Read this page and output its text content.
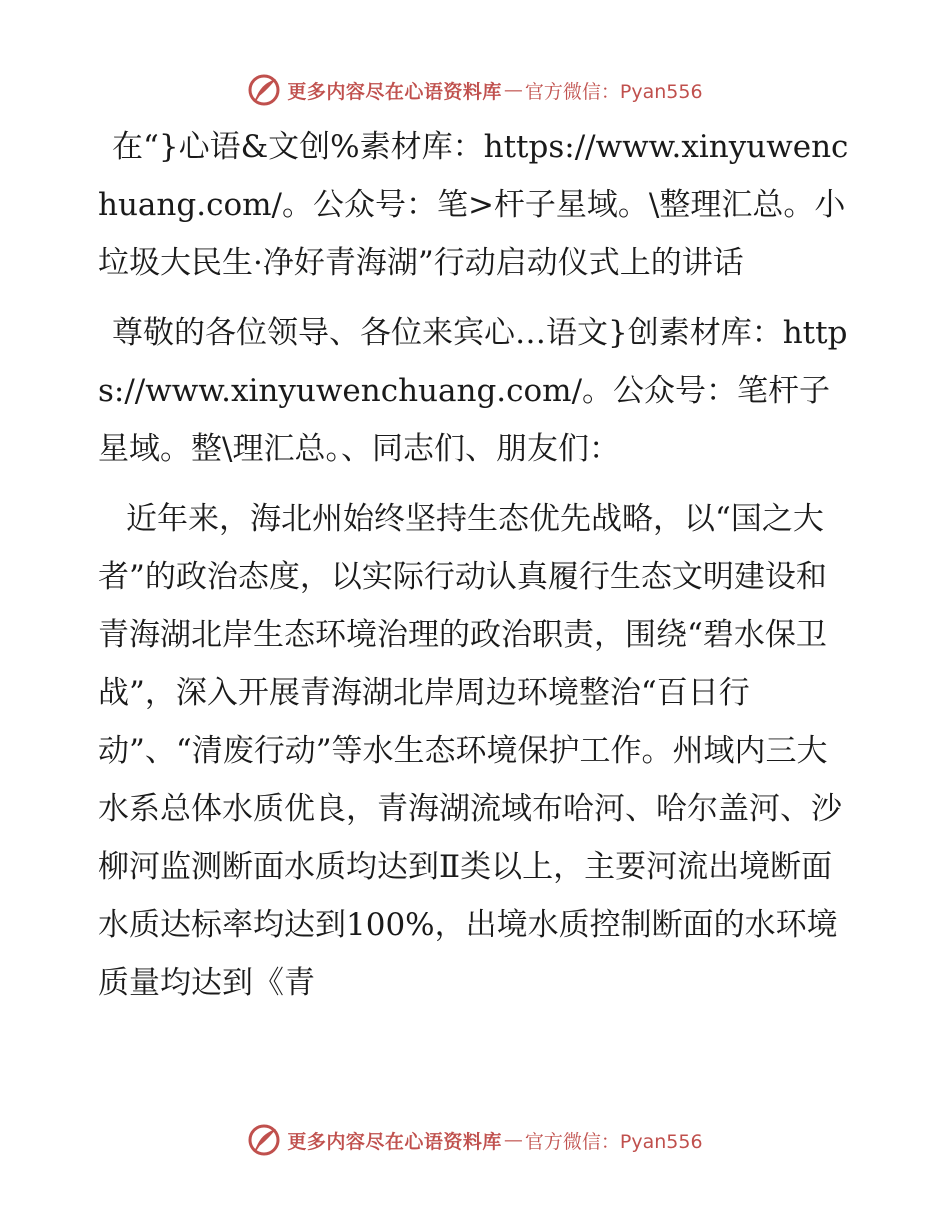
更多内容尽在心语资料库 — 官方微信：Pyan556

在“}心语&文创%素材库：https://www.xinyuwenchuang.com/。公众号：笔>杆子星域。\整理汇总。小垃圾大民生·净好青海湖”行动启动仪式上的讲话

尊敬的各位领导、各位来宾心…语文}创素材库：https://www.xinyuwenchuang.com/。公众号：笔杆子星域。整\理汇总。、同志们、朋友们：

近年来，海北州始终坚持生态优先战略，以“国之大者”的政治态度，以实际行动认真履行生态文明建设和青海湖北岸生态环境治理的政治职责，围绕“碧水保卫战”，深入开展青海湖北岸周边环境整治“百日行动”、“清废行动”等水生态环境保护工作。州域内三大水系总体水质优良，青海湖流域布哈河、哈尔盖河、沙柳河监测断面水质均达到Ⅱ类以上，主要河流出境断面水质达标率均达到100%，出境水质控制断面的水环境质量均达到《青

更多内容尽在心语资料库 — 官方微信：Pyan556
